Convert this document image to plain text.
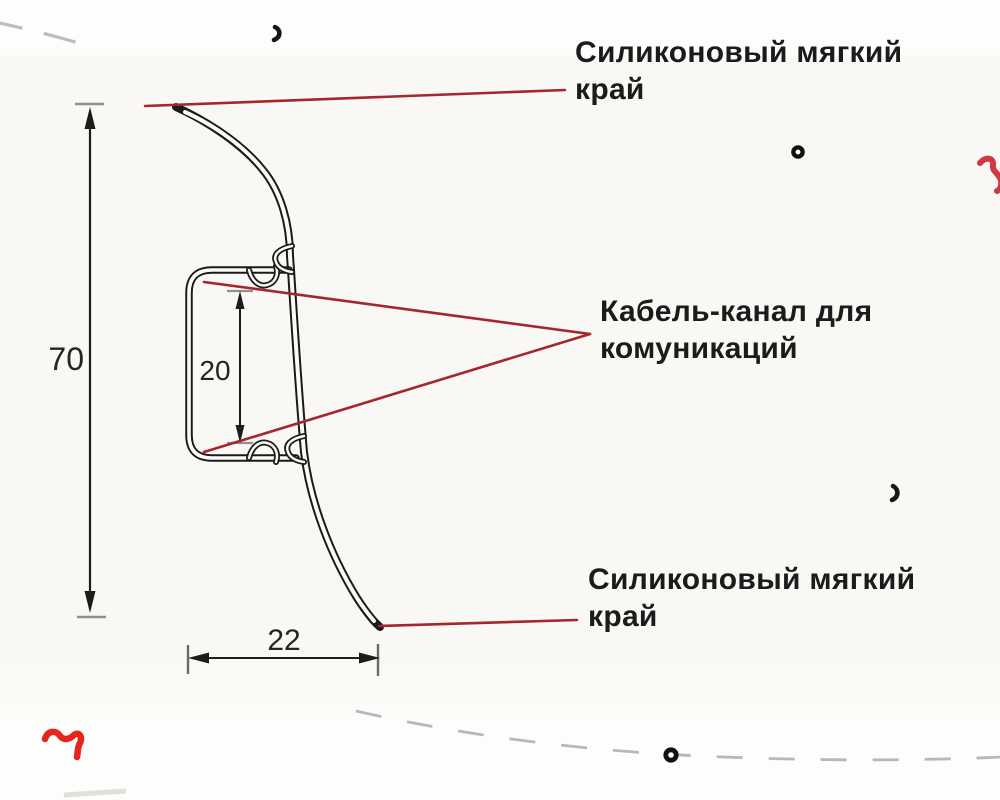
Силиконовый мягкий
край
Кабель-канал для
комуникаций
Силиконовый мягкий
край
70	20
22
